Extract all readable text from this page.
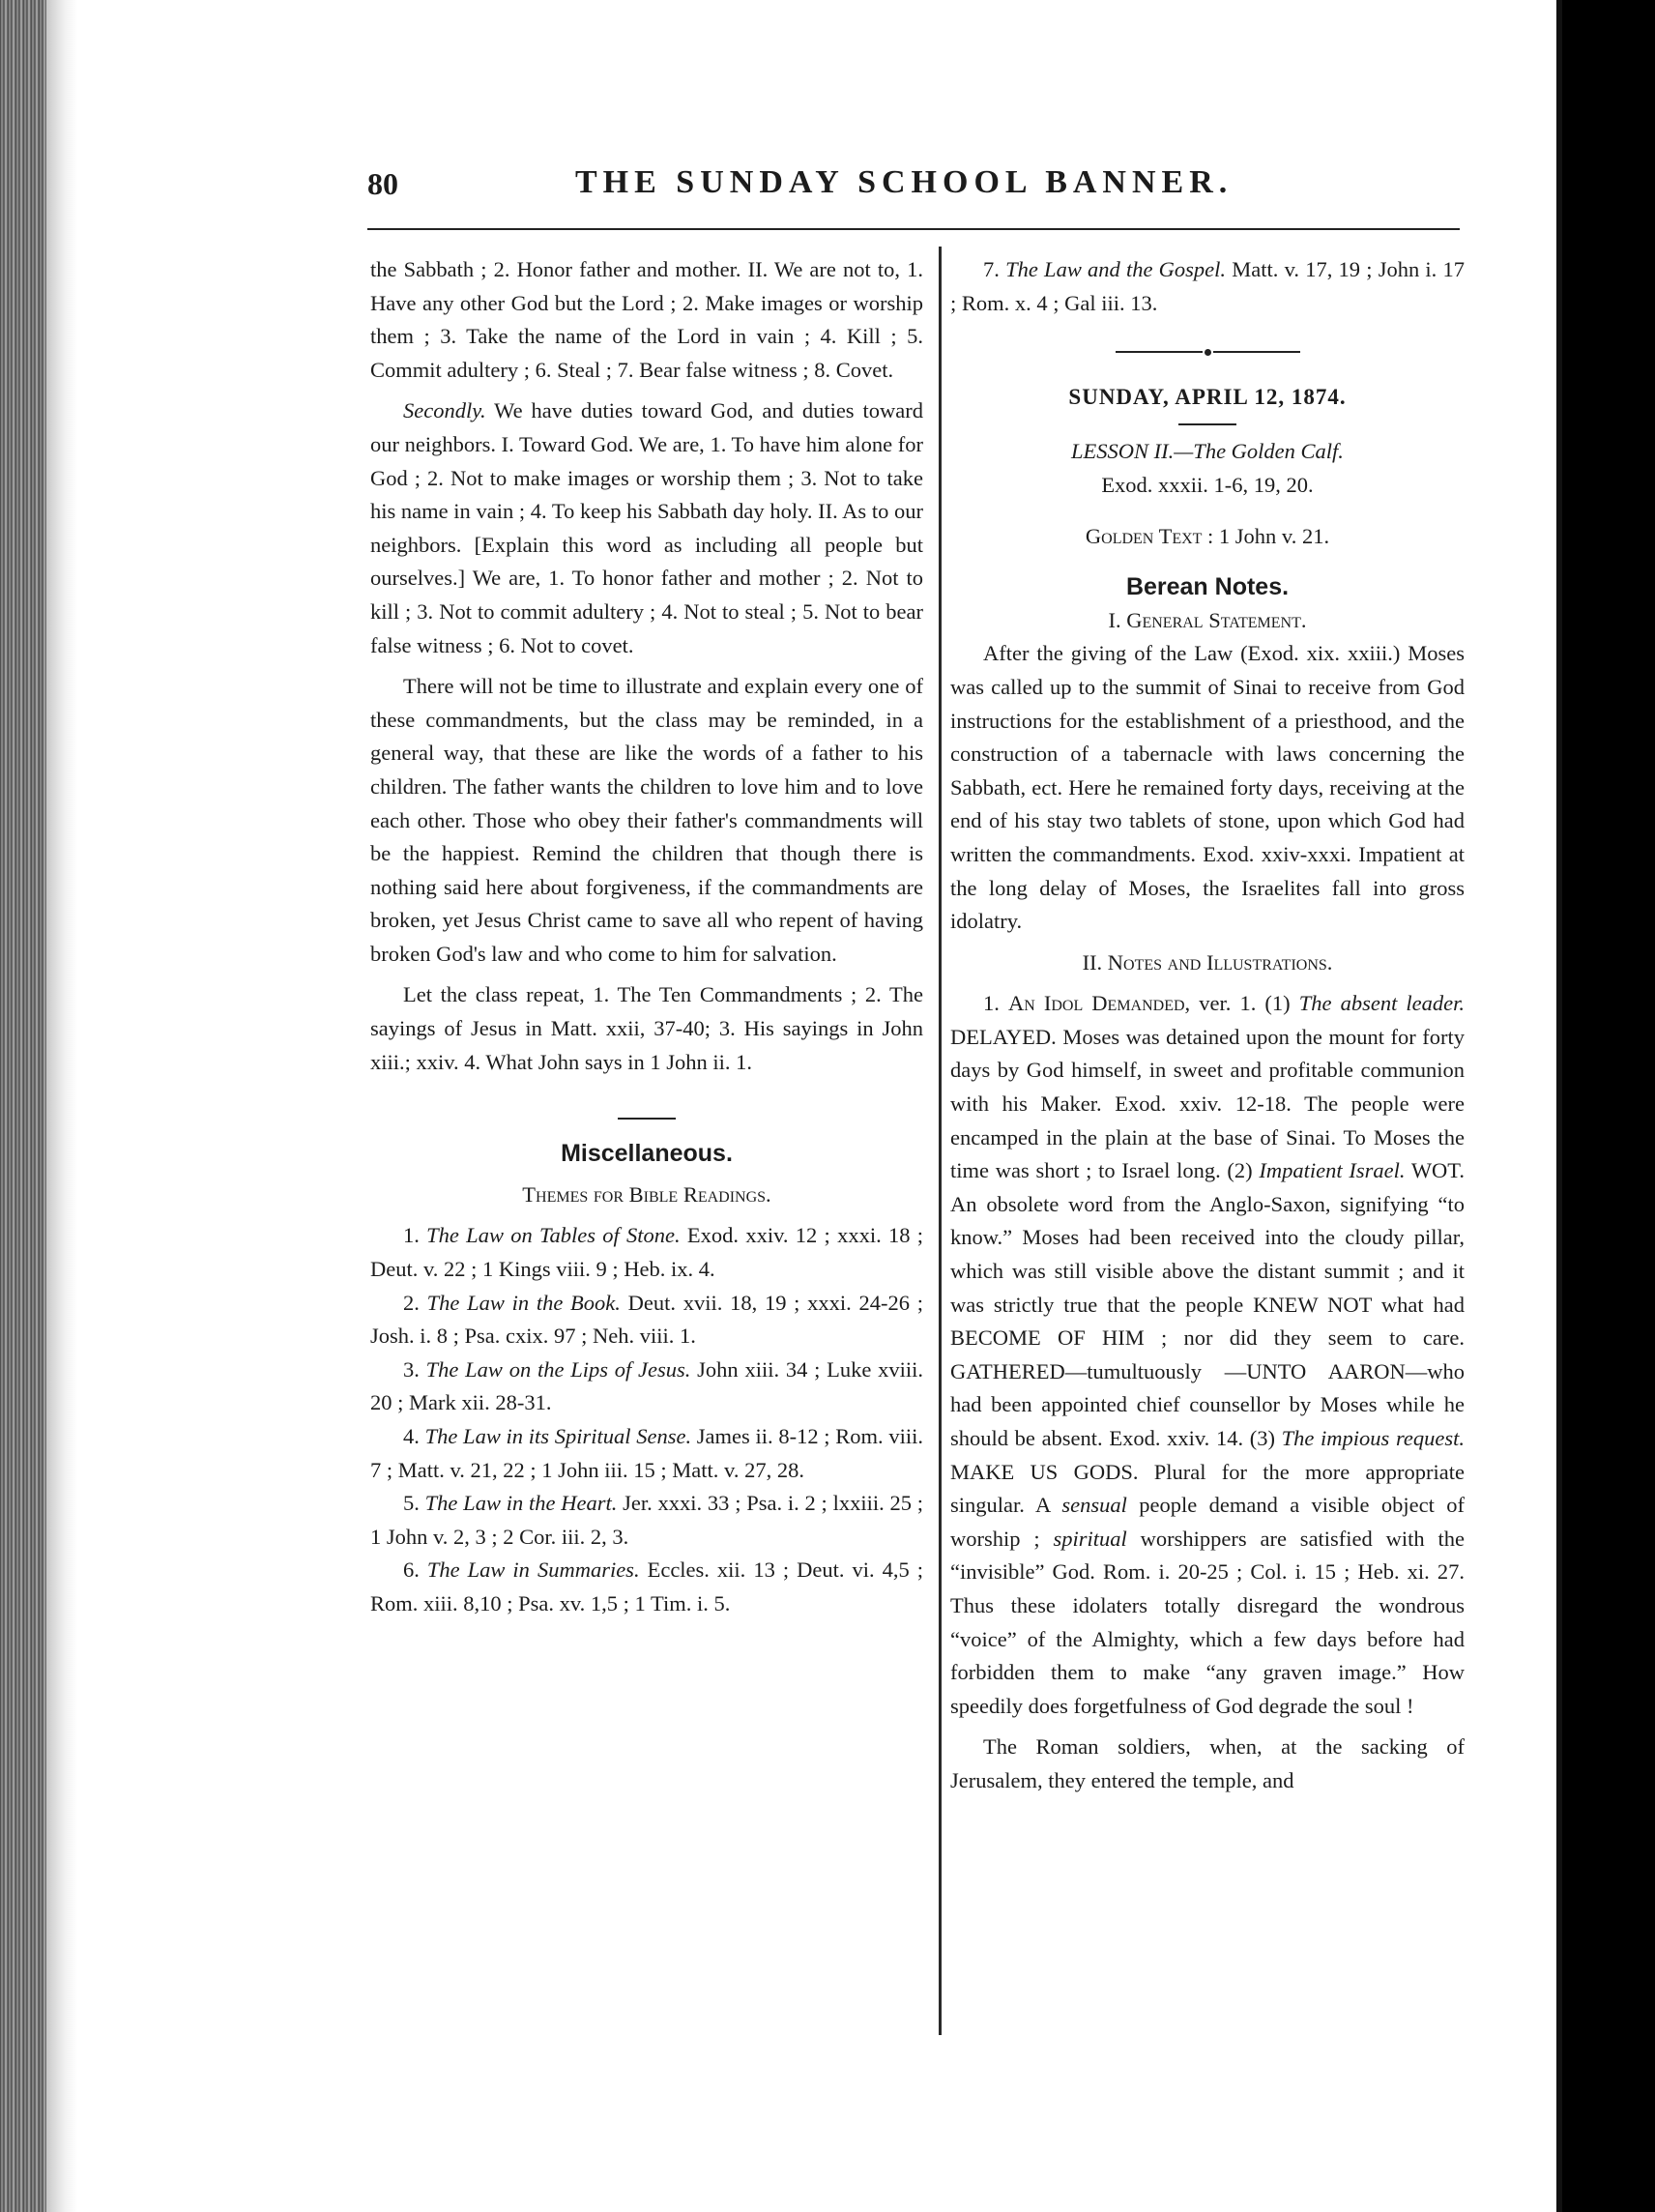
80	THE SUNDAY SCHOOL BANNER.

the Sabbath ; 2. Honor father and mother. II. We are not to, 1. Have any other God but the Lord ; 2. Make images or worship them ; 3. Take the name of the Lord in vain ; 4. Kill ; 5. Commit adultery ; 6. Steal ; 7. Bear false witness ; 8. Covet.

Secondly. We have duties toward God, and duties toward our neighbors. I. Toward God. We are, 1. To have him alone for God ; 2. Not to make images or worship them ; 3. Not to take his name in vain ; 4. To keep his Sabbath day holy. II. As to our neighbors. [Explain this word as including all people but ourselves.] We are, 1. To honor father and mother ; 2. Not to kill ; 3. Not to commit adultery ; 4. Not to steal ; 5. Not to bear false witness ; 6. Not to covet.

There will not be time to illustrate and explain every one of these commandments, but the class may be reminded, in a general way, that these are like the words of a father to his children. The father wants the children to love him and to love each other. Those who obey their father's commandments will be the happiest. Remind the children that though there is nothing said here about forgiveness, if the commandments are broken, yet Jesus Christ came to save all who repent of having broken God's law and who come to him for salvation.

Let the class repeat, 1. The Ten Commandments ; 2. The sayings of Jesus in Matt. xxii, 37-40; 3. His sayings in John xiii.; xxiv. 4. What John says in 1 John ii. 1.

Miscellaneous.

Themes for Bible Readings.

1. The Law on Tables of Stone. Exod. xxiv. 12 ; xxxi. 18 ; Deut. v. 22 ; 1 Kings viii. 9 ; Heb. ix. 4.

2. The Law in the Book. Deut. xvii. 18, 19 ; xxxi. 24-26 ; Josh. i. 8 ; Psa. cxix. 97 ; Neh. viii. 1.

3. The Law on the Lips of Jesus. John xiii. 34 ; Luke xviii. 20 ; Mark xii. 28-31.

4. The Law in its Spiritual Sense. James ii. 8-12 ; Rom. viii. 7 ; Matt. v. 21, 22 ; 1 John iii. 15 ; Matt. v. 27, 28.

5. The Law in the Heart. Jer. xxxi. 33 ; Psa. i. 2 ; lxxiii. 25 ; 1 John v. 2, 3 ; 2 Cor. iii. 2, 3.

6. The Law in Summaries. Eccles. xii. 13 ; Deut. vi. 4,5 ; Rom. xiii. 8,10 ; Psa. xv. 1,5 ; 1 Tim. i. 5.

7. The Law and the Gospel. Matt. v. 17, 19 ; John i. 17 ; Rom. x. 4 ; Gal iii. 13.

SUNDAY, APRIL 12, 1874.

LESSON II.—The Golden Calf.

Exod. xxxii. 1-6, 19, 20.

Golden Text : 1 John v. 21.

Berean Notes.

I. General Statement.

After the giving of the Law (Exod. xix. xxiii.) Moses was called up to the summit of Sinai to receive from God instructions for the establishment of a priesthood, and the construction of a tabernacle with laws concerning the Sabbath, ect. Here he remained forty days, receiving at the end of his stay two tablets of stone, upon which God had written the commandments. Exod. xxiv-xxxi. Impatient at the long delay of Moses, the Israelites fall into gross idolatry.

II. Notes and Illustrations.

1. An Idol Demanded, ver. 1. (1) The absent leader. DELAYED. Moses was detained upon the mount for forty days by God himself, in sweet and profitable communion with his Maker. Exod. xxiv. 12-18. The people were encamped in the plain at the base of Sinai. To Moses the time was short ; to Israel long. (2) Impatient Israel. WOT. An obsolete word from the Anglo-Saxon, signifying “to know.” Moses had been received into the cloudy pillar, which was still visible above the distant summit ; and it was strictly true that the people KNEW NOT what had BECOME OF HIM ; nor did they seem to care. GATHERED—tumultuously —UNTO AARON—who had been appointed chief counsellor by Moses while he should be absent. Exod. xxiv. 14. (3) The impious request. MAKE US GODS. Plural for the more appropriate singular. A sensual people demand a visible object of worship ; spiritual worshippers are satisfied with the “invisible” God. Rom. i. 20-25 ; Col. i. 15 ; Heb. xi. 27. Thus these idolaters totally disregard the wondrous “voice” of the Almighty, which a few days before had forbidden them to make “any graven image.” How speedily does forgetfulness of God degrade the soul !

The Roman soldiers, when, at the sacking of Jerusalem, they entered the temple, and
